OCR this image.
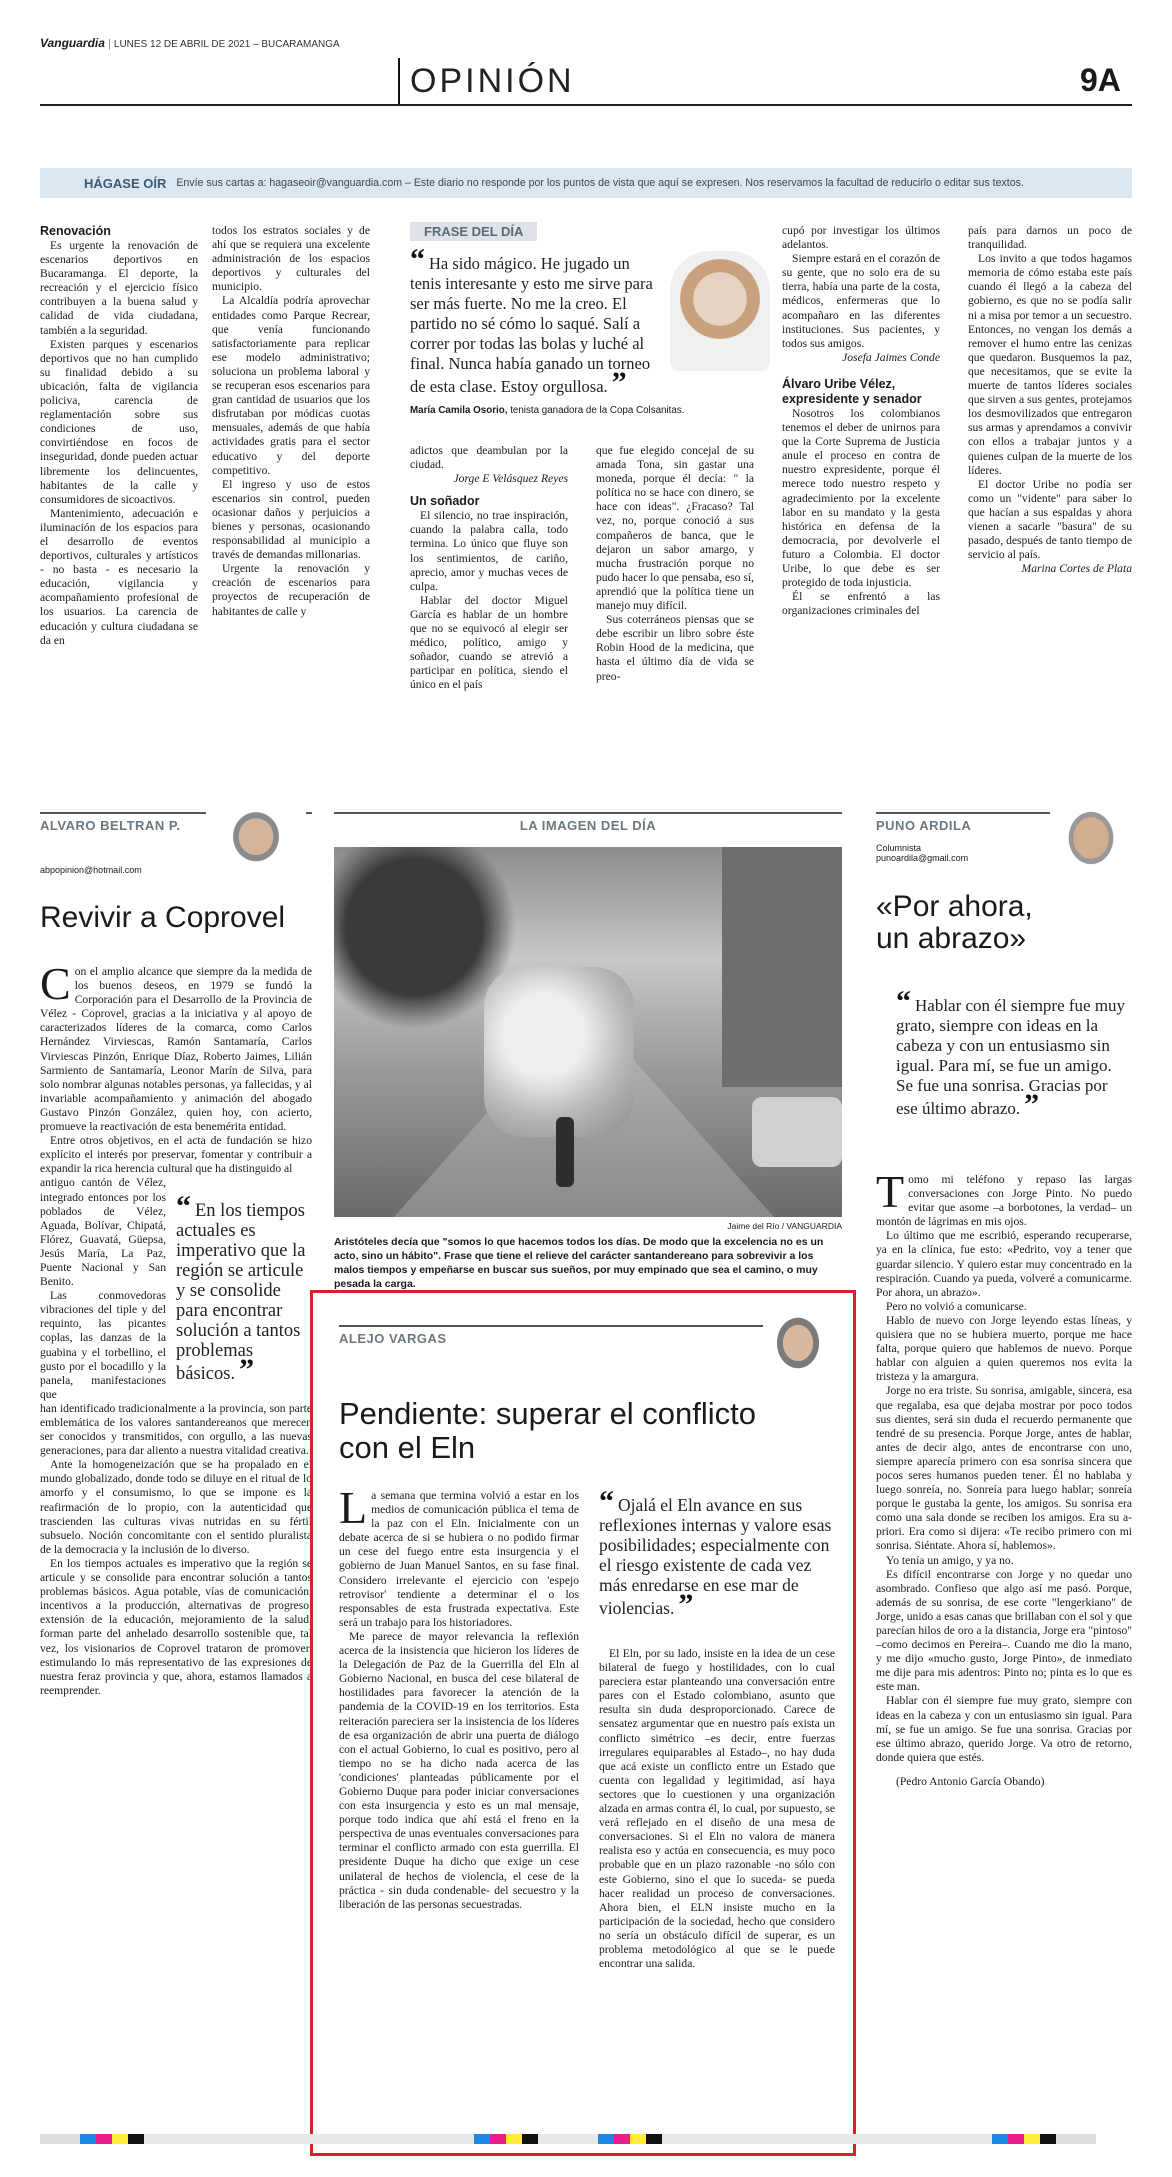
Vanguardia | LUNES 12 DE ABRIL DE 2021 – BUCARAMANGA
OPINIÓN	9A
HÁGASE OÍR Envíe sus cartas a: hagaseoir@vanguardia.com – Este diario no responde por los puntos de vista que aquí se expresen. Nos reservamos la facultad de reducirlo o editar sus textos.
Renovación

Es urgente la renovación de escenarios deportivos en Bucaramanga. El deporte, la recreación y el ejercicio físico contribuyen a la buena salud y calidad de vida ciudadana, también a la seguridad.

Existen parques y escenarios deportivos que no han cumplido su finalidad debido a su ubicación, falta de vigilancia policiva, carencia de reglamentación sobre sus condiciones de uso, convirtiéndose en focos de inseguridad, donde pueden actuar libremente los delincuentes, habitantes de la calle y consumidores de sicoactivos.

Mantenimiento, adecuación e iluminación de los espacios para el desarrollo de eventos deportivos, culturales y artísticos - no basta - es necesario la educación, vigilancia y acompañamiento profesional de los usuarios. La carencia de educación y cultura ciudadana se da en

todos los estratos sociales y de ahí que se requiera una excelente administración de los espacios deportivos y culturales del municipio.

La Alcaldía podría aprovechar entidades como Parque Recrear, que venía funcionando satisfactoriamente para replicar ese modelo administrativo; soluciona un problema laboral y se recuperan esos escenarios para gran cantidad de usuarios que los disfrutaban por módicas cuotas mensuales, además de que había actividades gratis para el sector educativo y del deporte competitivo.

El ingreso y uso de estos escenarios sin control, pueden ocasionar daños y perjuicios a bienes y personas, ocasionando responsabilidad al municipio a través de demandas millonarias.

Urgente la renovación y creación de escenarios para proyectos de recuperación de habitantes de calle y

FRASE DEL DÍA
“ Ha sido mágico. He jugado un tenis interesante y esto me sirve para ser más fuerte. No me la creo. El partido no sé cómo lo saqué. Salí a correr por todas las bolas y luché al final. Nunca había ganado un torneo de esta clase. Estoy orgullosa. ”
María Camila Osorio, tenista ganadora de la Copa Colsanitas.

adictos que deambulan por la ciudad.

Jorge E Velásquez Reyes

Un soñador

El silencio, no trae inspiración, cuando la palabra calla, todo termina. Lo único que fluye son los sentimientos, de cariño, aprecio, amor y muchas veces de culpa.

Hablar del doctor Miguel García es hablar de un hombre que no se equivocó al elegir ser médico, político, amigo y soñador, cuando se atrevió a participar en política, siendo el único en el país

que fue elegido concejal de su amada Tona, sin gastar una moneda, porque él decía: " la política no se hace con dinero, se hace con ideas". ¿Fracaso? Tal vez, no, porque conoció a sus compañeros de banca, que le dejaron un sabor amargo, y mucha frustración porque no pudo hacer lo que pensaba, eso sí, aprendió que la política tiene un manejo muy difícil.

Sus coterráneos piensas que se debe escribir un libro sobre éste Robin Hood de la medicina, que hasta el último día de vida se preo-

cupó por investigar los últimos adelantos.

Siempre estará en el corazón de su gente, que no solo era de su tierra, había una parte de la costa, médicos, enfermeras que lo acompañaro en las diferentes instituciones. Sus pacientes, y todos sus amigos.

Josefa Jaimes Conde

Álvaro Uribe Vélez, expresidente y senador

Nosotros los colombianos tenemos el deber de unirnos para que la Corte Suprema de Justicia anule el proceso en contra de nuestro expresidente, porque él merece todo nuestro respeto y agradecimiento por la excelente labor en su mandato y la gesta histórica en defensa de la democracia, por devolverle el futuro a Colombia. El doctor Uribe, lo que debe es ser protegido de toda injusticia.

Él se enfrentó a las organizaciones criminales del

país para darnos un poco de tranquilidad.

Los invito a que todos hagamos memoria de cómo estaba este país cuando él llegó a la cabeza del gobierno, es que no se podía salir ni a misa por temor a un secuestro. Entonces, no vengan los demás a remover el humo entre las cenizas que quedaron. Busquemos la paz, que necesitamos, que se evite la muerte de tantos líderes sociales que sirven a sus gentes, protejamos los desmovilizados que entregaron sus armas y aprendamos a convivir con ellos a trabajar juntos y a quienes culpan de la muerte de los líderes.

El doctor Uribe no podía ser como un "vidente" para saber lo que hacían a sus espaldas y ahora vienen a sacarle "basura" de su pasado, después de tanto tiempo de servicio al país.

Marina Cortes de Plata

ALVARO BELTRAN P.
abpopinion@hotmail.com
Revivir a Coprovel

Con el amplio alcance que siempre da la medida de los buenos deseos, en 1979 se fundó la Corporación para el Desarrollo de la Provincia de Vélez - Coprovel, gracias a la iniciativa y al apoyo de caracterizados líderes de la comarca, como Carlos Hernández Virviescas, Ramón Santamaría, Carlos Virviescas Pinzón, Enrique Díaz, Roberto Jaimes, Lilián Sarmiento de Santamaría, Leonor Marín de Silva, para solo nombrar algunas notables personas, ya fallecidas, y al invariable acompañamiento y animación del abogado Gustavo Pinzón González, quien hoy, con acierto, promueve la reactivación de esta benemérita entidad.

Entre otros objetivos, en el acta de fundación se hizo explícito el interés por preservar, fomentar y contribuir a expandir la rica herencia cultural que ha distinguido al

antiguo cantón de Vélez, integrado entonces por los poblados de Vélez, Aguada, Bolívar, Chipatá, Flórez, Guavatá, Güepsa, Jesús María, La Paz, Puente Nacional y San Benito.

Las conmovedoras vibraciones del tiple y del requinto, las picantes coplas, las danzas de la guabina y el torbellino, el gusto por el bocadillo y la panela, manifestaciones que

“ En los tiempos actuales es imperativo que la región se articule y se consolide para encontrar solución a tantos problemas básicos. ”

han identificado tradicionalmente a la provincia, son parte emblemática de los valores santandereanos que merecen ser conocidos y transmitidos, con orgullo, a las nuevas generaciones, para dar aliento a nuestra vitalidad creativa.

Ante la homogeneización que se ha propalado en el mundo globalizado, donde todo se diluye en el ritual de lo amorfo y el consumismo, lo que se impone es la reafirmación de lo propio, con la autenticidad que trascienden las culturas vivas nutridas en su fértil subsuelo. Noción concomitante con el sentido pluralista de la democracia y la inclusión de lo diverso.

En los tiempos actuales es imperativo que la región se articule y se consolide para encontrar solución a tantos problemas básicos. Agua potable, vías de comunicación, incentivos a la producción, alternativas de progreso, extensión de la educación, mejoramiento de la salud, forman parte del anhelado desarrollo sostenible que, tal vez, los visionarios de Coprovel trataron de promover, estimulando lo más representativo de las expresiones de nuestra feraz provincia y que, ahora, estamos llamados a reemprender.

LA IMAGEN DEL DÍA
Jaime del Río / VANGUARDIA
Aristóteles decía que "somos lo que hacemos todos los días. De modo que la excelencia no es un acto, sino un hábito". Frase que tiene el relieve del carácter santandereano para sobrevivir a los malos tiempos y empeñarse en buscar sus sueños, por muy empinado que sea el camino, o muy pesada la carga.
ALEJO VARGAS
Pendiente: superar el conflicto con el Eln

La semana que termina volvió a estar en los medios de comunicación pública el tema de la paz con el Eln. Inicialmente con un debate acerca de si se hubiera o no podido firmar un cese del fuego entre esta insurgencia y el gobierno de Juan Manuel Santos, en su fase final. Considero irrelevante el ejercicio con 'espejo retrovisor' tendiente a determinar el o los responsables de esta frustrada expectativa. Este será un trabajo para los historiadores.

Me parece de mayor relevancia la reflexión acerca de la insistencia que hicieron los líderes de la Delegación de Paz de la Guerrilla del Eln al Gobierno Nacional, en busca del cese bilateral de hostilidades para favorecer la atención de la pandemia de la COVID-19 en los territorios. Esta reiteración pareciera ser la insistencia de los líderes de esa organización de abrir una puerta de diálogo con el actual Gobierno, lo cual es positivo, pero al tiempo no se ha dicho nada acerca de las 'condiciones' planteadas públicamente por el Gobierno Duque para poder iniciar conversaciones con esta insurgencia y esto es un mal mensaje, porque todo indica que ahí está el freno en la perspectiva de unas eventuales conversaciones para terminar el conflicto armado con esta guerrilla. El presidente Duque ha dicho que exige un cese unilateral de hechos de violencia, el cese de la práctica - sin duda condenable- del secuestro y la liberación de las personas secuestradas.

“ Ojalá el Eln avance en sus reflexiones internas y valore esas posibilidades; especialmente con el riesgo existente de cada vez más enredarse en ese mar de violencias. ”

El Eln, por su lado, insiste en la idea de un cese bilateral de fuego y hostilidades, con lo cual pareciera estar planteando una conversación entre pares con el Estado colombiano, asunto que resulta sin duda desproporcionado. Carece de sensatez argumentar que en nuestro país exista un conflicto simétrico –es decir, entre fuerzas irregulares equiparables al Estado–, no hay duda que acá existe un conflicto entre un Estado que cuenta con legalidad y legitimidad, así haya sectores que lo cuestionen y una organización alzada en armas contra él, lo cual, por supuesto, se verá reflejado en el diseño de una mesa de conversaciones. Si el Eln no valora de manera realista eso y actúa en consecuencia, es muy poco probable que en un plazo razonable -no sólo con este Gobierno, sino el que lo suceda- se pueda hacer realidad un proceso de conversaciones. Ahora bien, el ELN insiste mucho en la participación de la sociedad, hecho que considero no sería un obstáculo difícil de superar, es un problema metodológico al que se le puede encontrar una salida.

PUNO ARDILA
Columnista
punoardila@gmail.com
«Por ahora, un abrazo»
“ Hablar con él siempre fue muy grato, siempre con ideas en la cabeza y con un entusiasmo sin igual. Para mí, se fue un amigo. Se fue una sonrisa. Gracias por ese último abrazo. ”

Tomo mi teléfono y repaso las largas conversaciones con Jorge Pinto. No puedo evitar que asome –a borbotones, la verdad– un montón de lágrimas en mis ojos.

Lo último que me escribió, esperando recuperarse, ya en la clínica, fue esto: «Pedrito, voy a tener que guardar silencio. Y quiero estar muy concentrado en la respiración. Cuando ya pueda, volveré a comunicarme. Por ahora, un abrazo».

Pero no volvió a comunicarse.

Hablo de nuevo con Jorge leyendo estas líneas, y quisiera que no se hubiera muerto, porque me hace falta, porque quiero que hablemos de nuevo. Porque hablar con alguien a quien queremos nos evita la tristeza y la amargura.

Jorge no era triste. Su sonrisa, amigable, sincera, esa que regalaba, esa que dejaba mostrar por poco todos sus dientes, será sin duda el recuerdo permanente que tendré de su presencia. Porque Jorge, antes de hablar, antes de decir algo, antes de encontrarse con uno, siempre aparecía primero con esa sonrisa sincera que pocos seres humanos pueden tener. Él no hablaba y luego sonreía, no. Sonreía para luego hablar; sonreía porque le gustaba la gente, los amigos. Su sonrisa era como una sala donde se reciben los amigos. Era su a-priori. Era como si dijera: «Te recibo primero con mi sonrisa. Siéntate. Ahora sí, hablemos».

Yo tenía un amigo, y ya no.

Es difícil encontrarse con Jorge y no quedar uno asombrado. Confieso que algo así me pasó. Porque, además de su sonrisa, de ese corte "lengerkiano" de Jorge, unido a esas canas que brillaban con el sol y que parecían hilos de oro a la distancia, Jorge era "pintoso" –como decimos en Pereira–. Cuando me dio la mano, y me dijo «mucho gusto, Jorge Pinto», de inmediato me dije para mis adentros: Pinto no; pinta es lo que es este man.

Hablar con él siempre fue muy grato, siempre con ideas en la cabeza y con un entusiasmo sin igual. Para mí, se fue un amigo. Se fue una sonrisa. Gracias por ese último abrazo, querido Jorge. Va otro de retorno, donde quiera que estés.

(Pedro Antonio García Obando)
